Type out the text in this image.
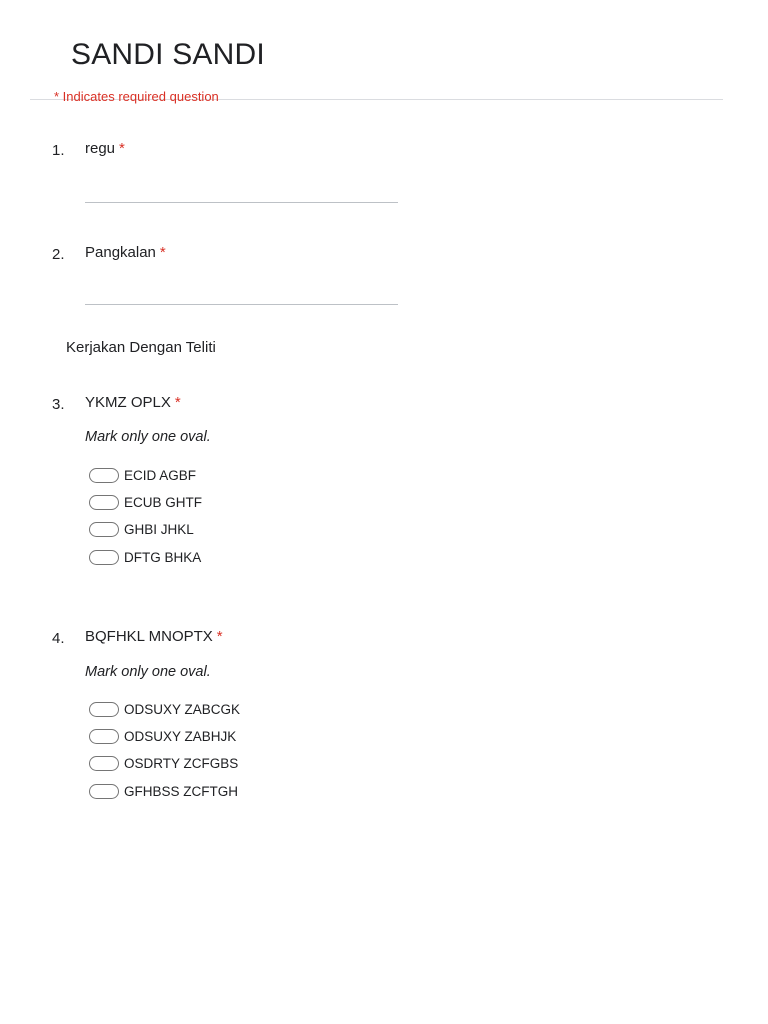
SANDI SANDI
* Indicates required question
1. regu *
2. Pangkalan *
Kerjakan Dengan Teliti
3. YKMZ OPLX *
Mark only one oval.
ECID AGBF
ECUB GHTF
GHBI JHKL
DFTG BHKA
4. BQFHKL MNOPTX *
Mark only one oval.
ODSUXY ZABCGK
ODSUXY ZABHJK
OSDRTY ZCFGBS
GFHBSS ZCFTGH
